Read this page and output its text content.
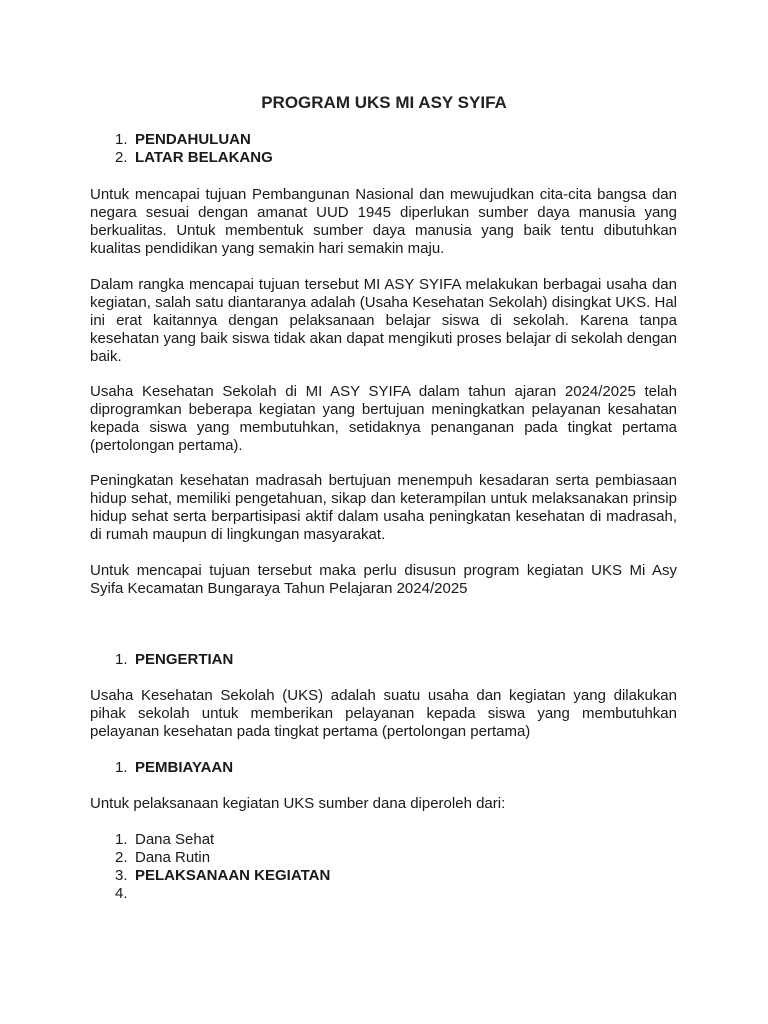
PROGRAM UKS MI ASY SYIFA
1. PENDAHULUAN
2. LATAR BELAKANG

Untuk mencapai tujuan Pembangunan Nasional dan mewujudkan cita-cita bangsa dan negara sesuai dengan amanat UUD 1945 diperlukan sumber daya manusia yang berkualitas. Untuk membentuk sumber daya manusia yang baik tentu dibutuhkan kualitas pendidikan yang semakin hari semakin maju.

Dalam rangka mencapai tujuan tersebut MI ASY SYIFA melakukan berbagai usaha dan kegiatan, salah satu diantaranya adalah (Usaha Kesehatan Sekolah) disingkat UKS. Hal ini erat kaitannya dengan pelaksanaan belajar siswa di sekolah. Karena tanpa kesehatan yang baik siswa tidak akan dapat mengikuti proses belajar di sekolah dengan baik.

Usaha Kesehatan Sekolah di MI ASY SYIFA dalam tahun ajaran 2024/2025 telah diprogramkan beberapa kegiatan yang bertujuan meningkatkan pelayanan kesahatan kepada siswa yang membutuhkan, setidaknya penanganan pada tingkat pertama (pertolongan pertama).

Peningkatan kesehatan madrasah bertujuan menempuh kesadaran serta pembiasaan hidup sehat, memiliki pengetahuan, sikap dan keterampilan untuk melaksanakan prinsip hidup sehat serta berpartisipasi aktif dalam usaha peningkatan kesehatan di madrasah, di rumah maupun di lingkungan masyarakat.

Untuk mencapai tujuan tersebut maka perlu disusun program kegiatan UKS Mi Asy Syifa Kecamatan Bungaraya Tahun Pelajaran 2024/2025

1. PENGERTIAN

Usaha Kesehatan Sekolah (UKS) adalah suatu usaha dan kegiatan yang dilakukan pihak sekolah untuk memberikan pelayanan kepada siswa yang membutuhkan pelayanan kesehatan pada tingkat pertama (pertolongan pertama)

1. PEMBIAYAAN

Untuk pelaksanaan kegiatan UKS sumber dana diperoleh dari:

1. Dana Sehat
2. Dana Rutin
3. PELAKSANAAN KEGIATAN
4.
